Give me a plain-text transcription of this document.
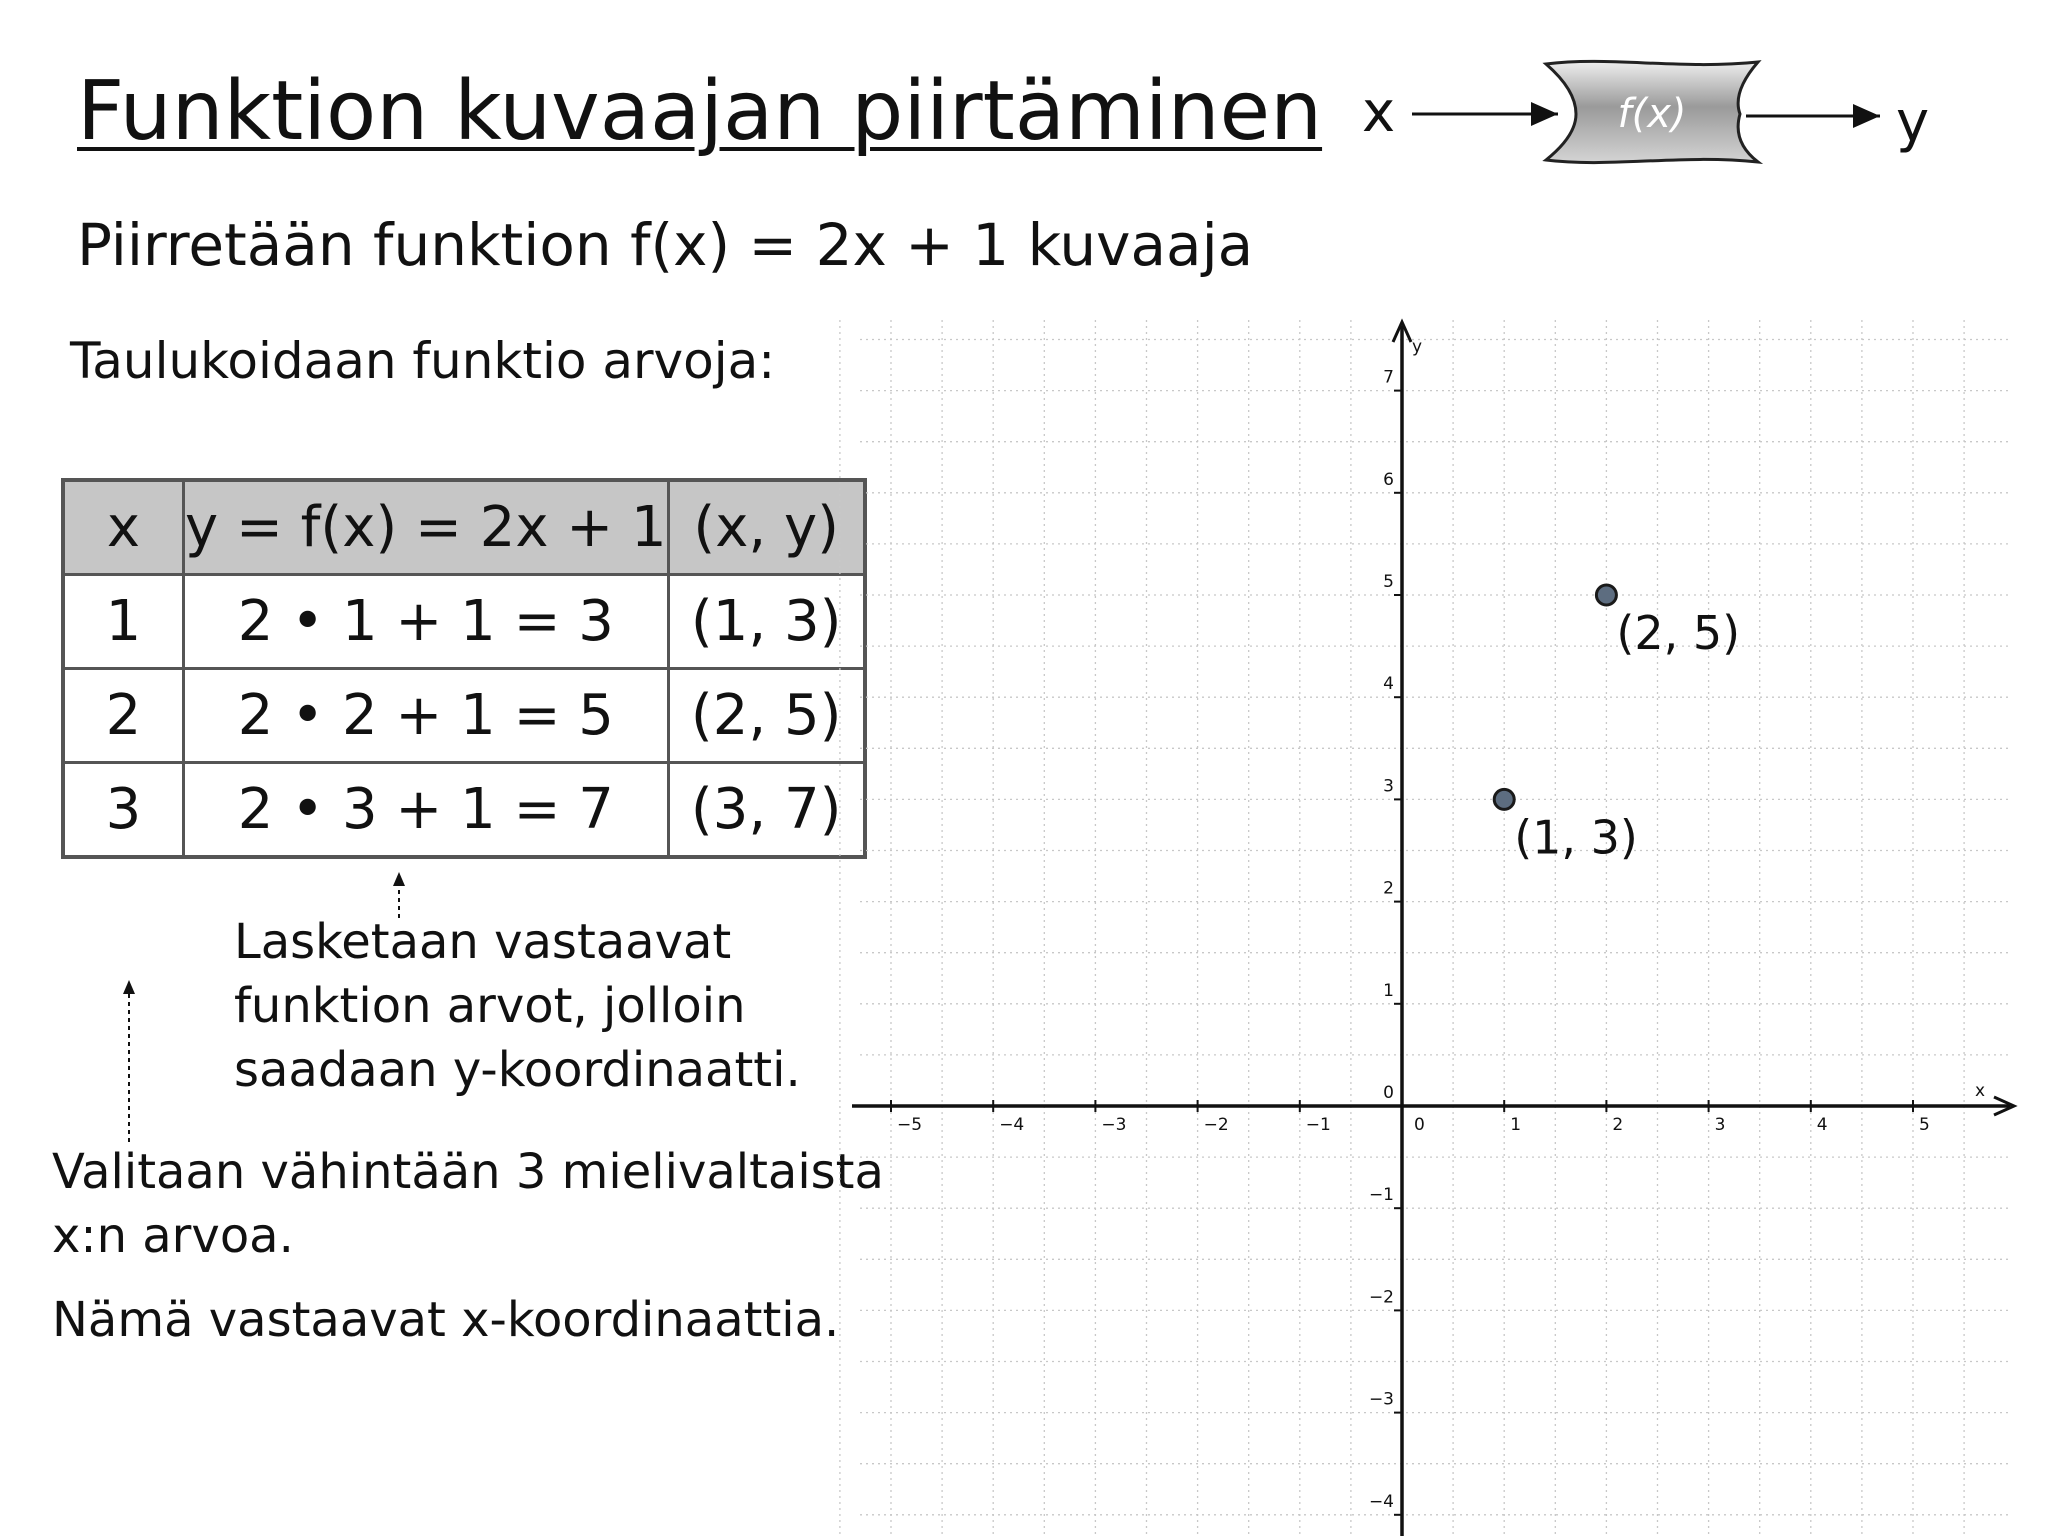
Funktion kuvaajan piirtäminen x	f(x)	y
Piirretään funktion f(x) = 2x + 1 kuvaaja
Taulukoidaan funktio arvoja:
x	y = f(x) = 2x + 1	(x, y)
1	2 • 1 + 1 = 3	(1, 3)
2	2 • 2 + 1 = 5	(2, 5)
3	2 • 3 + 1 = 7	(3, 7)
Lasketaan vastaavat
funktion arvot, jolloin
saadaan y-koordinaatti.
Valitaan vähintään 3 mielivaltaista
x:n arvoa.
Nämä vastaavat x-koordinaattia.
x
y
−5	−4	−3	−2	−1	0	1	2	3	4	5
−4
−3
−2
−1
0
1
2
3
4
5
6
7
(1, 3)
(2, 5)
